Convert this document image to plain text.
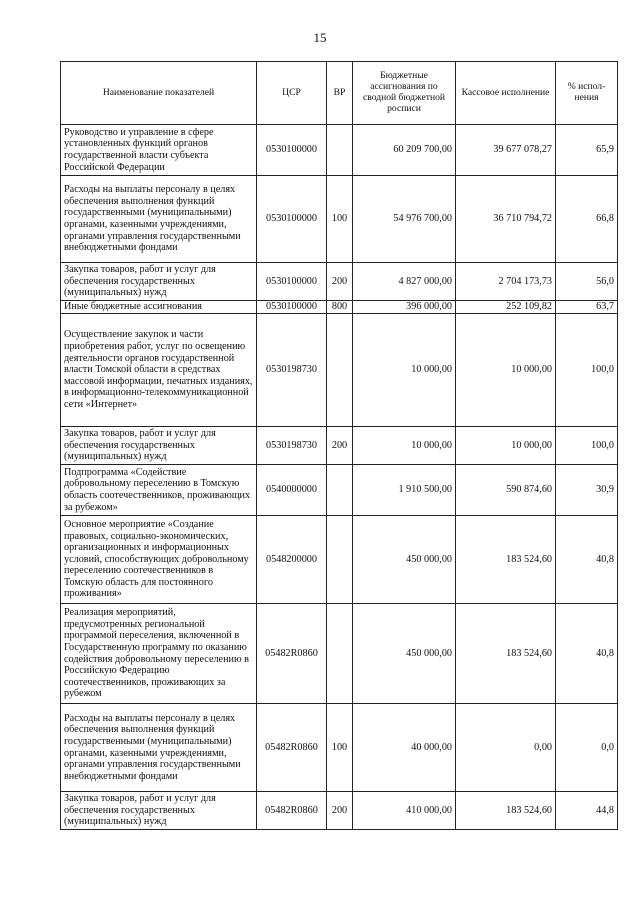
15
Наименование показателей	ЦСР	ВР	Бюджетные ассигнования по сводной бюджетной росписи	Кассовое исполнение	% испол-нения
Руководство и управление в сфере установленных функций органов государственной власти субъекта Российской Федерации	0530100000		60 209 700,00	39 677 078,27	65,9
Расходы на выплаты персоналу в целях обеспечения выполнения функций государственными (муниципальными) органами, казенными учреждениями, органами управления государственными внебюджетными фондами	0530100000	100	54 976 700,00	36 710 794,72	66,8
Закупка товаров, работ и услуг для обеспечения государственных (муниципальных) нужд	0530100000	200	4 827 000,00	2 704 173,73	56,0
Иные бюджетные ассигнования	0530100000	800	396 000,00	252 109,82	63,7
Осуществление закупок и части приобретения работ, услуг по освещению деятельности органов государственной власти Томской области в средствах массовой информации, печатных изданиях, в информационно-телекоммуникационной сети «Интернет»	0530198730		10 000,00	10 000,00	100,0
Закупка товаров, работ и услуг для обеспечения государственных (муниципальных) нужд	0530198730	200	10 000,00	10 000,00	100,0
Подпрограмма «Содействие добровольному переселению в Томскую область соотечественников, проживающих за рубежом»	0540000000		1 910 500,00	590 874,60	30,9
Основное мероприятие «Создание правовых, социально-экономических, организационных и информационных условий, способствующих добровольному переселению соотечественников в Томскую область для постоянного проживания»	0548200000		450 000,00	183 524,60	40,8
Реализация мероприятий, предусмотренных региональной программой переселения, включенной в Государственную программу по оказанию содействия добровольному переселению в Российскую Федерацию соотечественников, проживающих за рубежом	05482R0860		450 000,00	183 524,60	40,8
Расходы на выплаты персоналу в целях обеспечения выполнения функций государственными (муниципальными) органами, казенными учреждениями, органами управления государственными внебюджетными фондами	05482R0860	100	40 000,00	0,00	0,0
Закупка товаров, работ и услуг для обеспечения государственных (муниципальных) нужд	05482R0860	200	410 000,00	183 524,60	44,8
